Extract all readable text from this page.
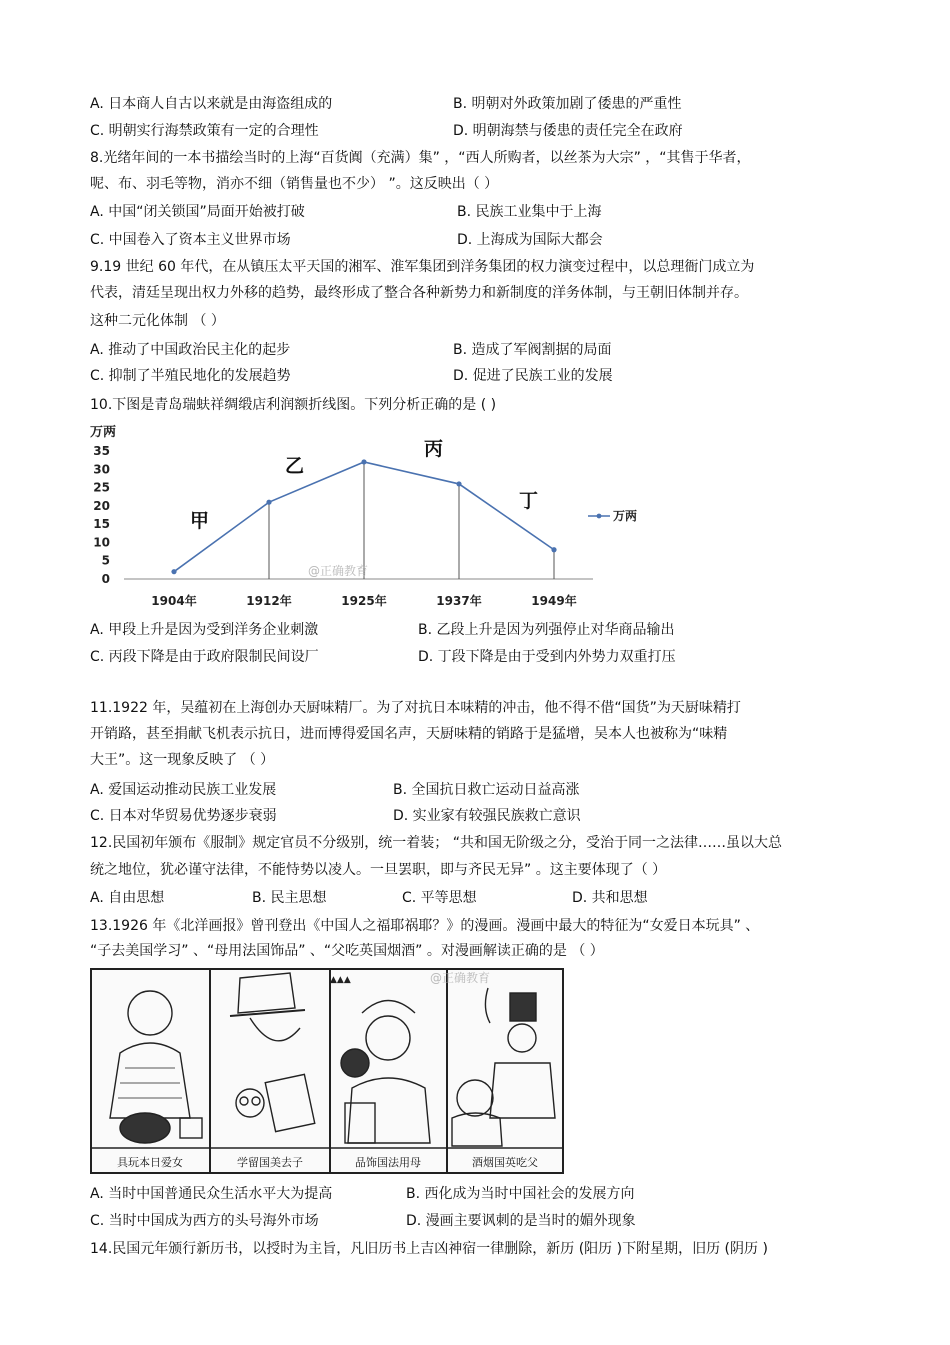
A. 日本商人自古以来就是由海盗组成的	B. 明朝对外政策加剧了倭患的严重性
C. 明朝实行海禁政策有一定的合理性	D. 明朝海禁与倭患的责任完全在政府
8.光绪年间的一本书描绘当时的上海“百货阗（充满）集” ，“西人所购者，以丝茶为大宗” ，“其售于华者，
呢、布、羽毛等物，消亦不细（销售量也不少） ”。这反映出（ ）
A. 中国“闭关锁国”局面开始被打破	B. 民族工业集中于上海
C. 中国卷入了资本主义世界市场	D. 上海成为国际大都会
9.19 世纪 60 年代，在从镇压太平天国的湘军、淮军集团到洋务集团的权力演变过程中，以总理衙门成立为
代表，清廷呈现出权力外移的趋势，最终形成了整合各种新势力和新制度的洋务体制，与王朝旧体制并存。
这种二元化体制 （ ）
A. 推动了中国政治民主化的起步	B. 造成了军阀割据的局面
C. 抑制了半殖民地化的发展趋势	D. 促进了民族工业的发展
10.下图是青岛瑞蚨祥绸缎店利润额折线图。下列分析正确的是 ( )
万两
0
5
10
15
20
25
30
35
1904年	1912年	1925年	1937年	1949年
甲
乙
丙
丁
@正确教育
万两
A. 甲段上升是因为受到洋务企业刺激	B. 乙段上升是因为列强停止对华商品输出
C. 丙段下降是由于政府限制民间设厂	D. 丁段下降是由于受到内外势力双重打压
11.1922 年，吴蕴初在上海创办天厨味精厂。为了对抗日本味精的冲击，他不得不借“国货”为天厨味精打
开销路，甚至捐献飞机表示抗日，进而博得爱国名声，天厨味精的销路于是猛增，吴本人也被称为“味精
大王”。这一现象反映了 （ ）
A. 爱国运动推动民族工业发展	B. 全国抗日救亡运动日益高涨
C. 日本对华贸易优势逐步衰弱	D. 实业家有较强民族救亡意识
12.民国初年颁布《服制》规定官员不分级别，统一着装； “共和国无阶级之分，受治于同一之法律……虽以大总
统之地位，犹必谨守法律，不能恃势以凌人。一旦罢职，即与齐民无异” 。这主要体现了（ ）
A. 自由思想	B. 民主思想	C. 平等思想	D. 共和思想
13.1926 年《北洋画报》曾刊登出《中国人之福耶祸耶？》的漫画。漫画中最大的特征为“女爱日本玩具” 、
“子去美国学习” 、“母用法国饰品” 、“父吃英国烟酒” 。对漫画解读正确的是 （ ）
@正确教育
▲▲▲
具玩本日爱女	学留国美去子	品饰国法用母	酒烟国英吃父
A. 当时中国普通民众生活水平大为提高	B. 西化成为当时中国社会的发展方向
C. 当时中国成为西方的头号海外市场	D. 漫画主要讽刺的是当时的媚外现象
14.民国元年颁行新历书，以授时为主旨，凡旧历书上吉凶神宿一律删除，新历 (阳历 )下附星期，旧历 (阴历 )
